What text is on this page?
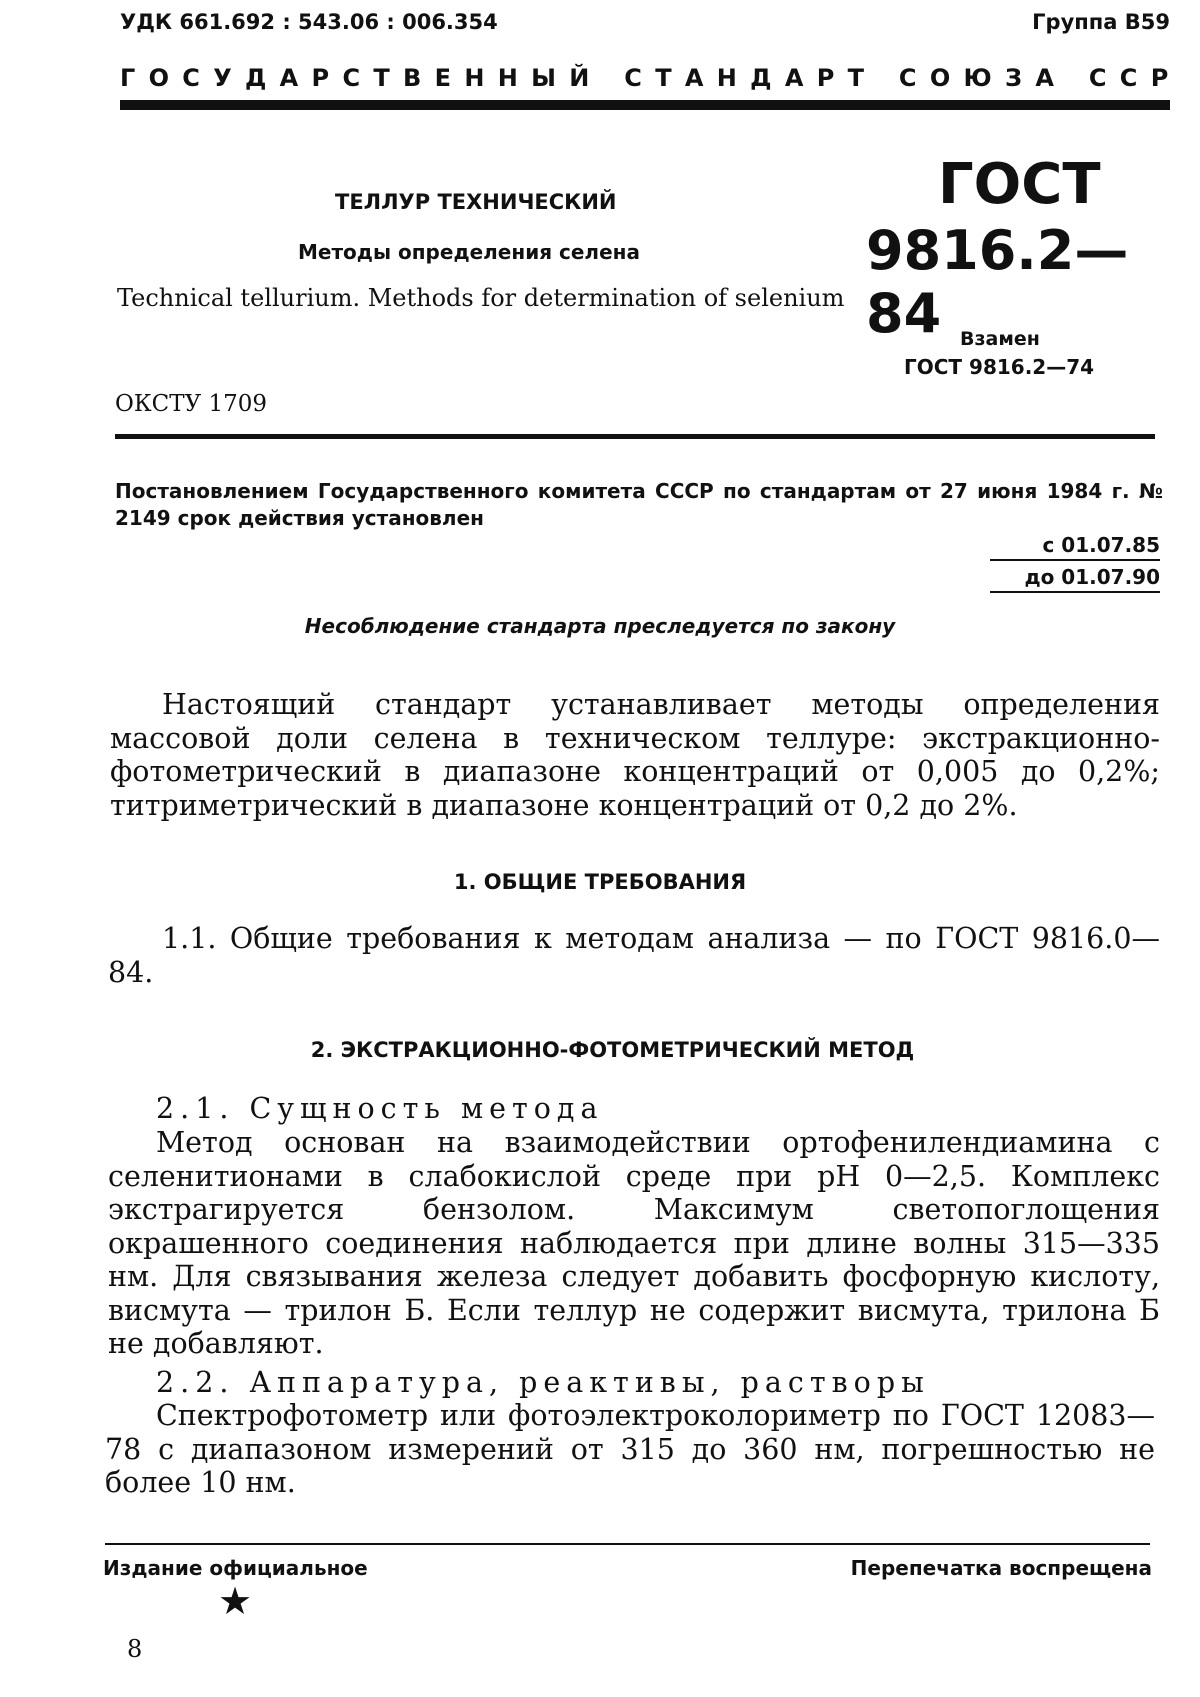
УДК 661.692 : 543.06 : 006.354	Группа В59
ГОСУДАРСТВЕННЫЙ СТАНДАРТ СОЮЗА ССР
ТЕЛЛУР ТЕХНИЧЕСКИЙ
Методы определения селена
Technical tellurium. Methods for determination of selenium
ГОСТ
9816.2—84 Взамен
ГОСТ 9816.2—74
ОКСТУ 1709
Постановлением Государственного комитета СССР по стандартам от 27 июня 1984 г. № 2149 срок действия установлен
с 01.07.85
до 01.07.90
Несоблюдение стандарта преследуется по закону
Настоящий стандарт устанавливает методы определения массовой доли селена в техническом теллуре: экстракционно-фотометрический в диапазоне концентраций от 0,005 до 0,2%; титриметрический в диапазоне концентраций от 0,2 до 2%.
1. ОБЩИЕ ТРЕБОВАНИЯ
1.1. Общие требования к методам анализа — по ГОСТ 9816.0—84.
2. ЭКСТРАКЦИОННО-ФОТОМЕТРИЧЕСКИЙ МЕТОД
2.1. Сущность метода
Метод основан на взаимодействии ортофенилендиамина с селенитионами в слабокислой среде при pH 0—2,5. Комплекс экстрагируется бензолом. Максимум светопоглощения окрашенного соединения наблюдается при длине волны 315—335 нм. Для связывания железа следует добавить фосфорную кислоту, висмута — трилон Б. Если теллур не содержит висмута, трилона Б не добавляют.
2.2. Аппаратура, реактивы, растворы
Спектрофотометр или фотоэлектроколориметр по ГОСТ 12083—78 с диапазоном измерений от 315 до 360 нм, погрешностью не более 10 нм.
Издание официальное	Перепечатка воспрещена
★
8
